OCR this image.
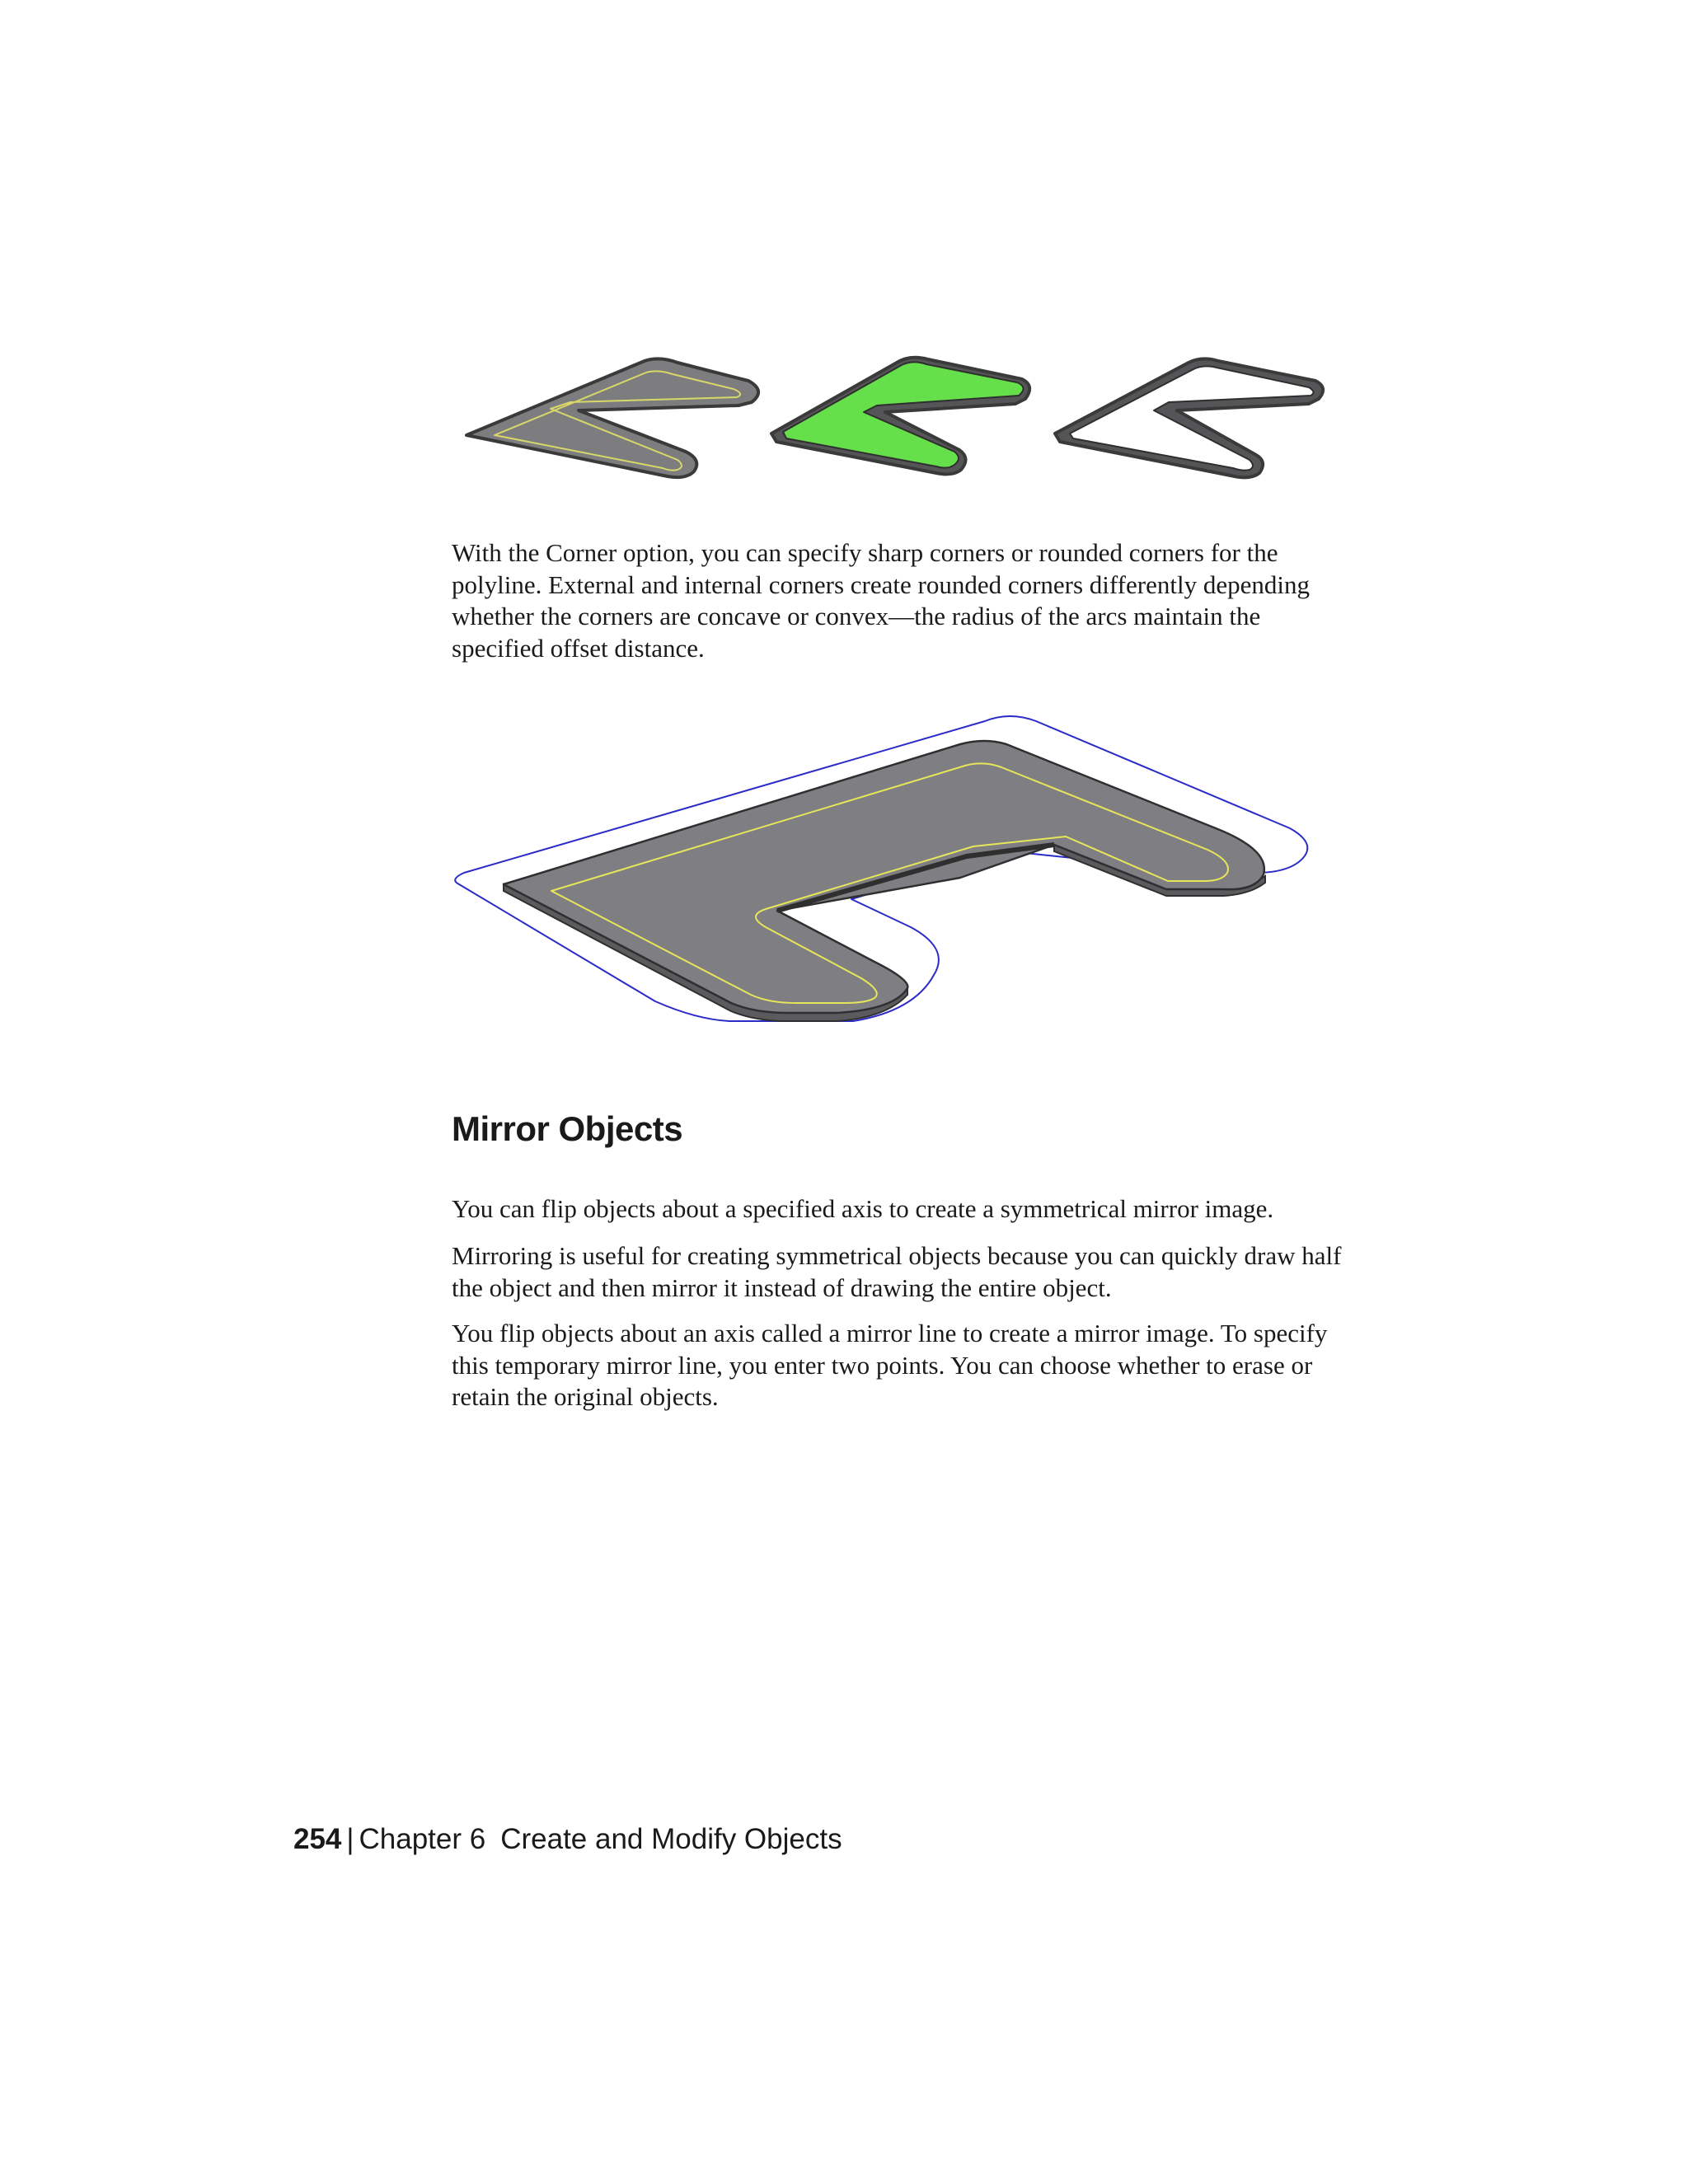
With the Corner option, you can specify sharp corners or rounded corners for the polyline. External and internal corners create rounded corners differently depending whether the corners are concave or convex—the radius of the arcs maintain the specified offset distance.

Mirror Objects

You can flip objects about a specified axis to create a symmetrical mirror image.

Mirroring is useful for creating symmetrical objects because you can quickly draw half the object and then mirror it instead of drawing the entire object.

You flip objects about an axis called a mirror line to create a mirror image. To specify this temporary mirror line, you enter two points. You can choose whether to erase or retain the original objects.

254 | Chapter 6 Create and Modify Objects
